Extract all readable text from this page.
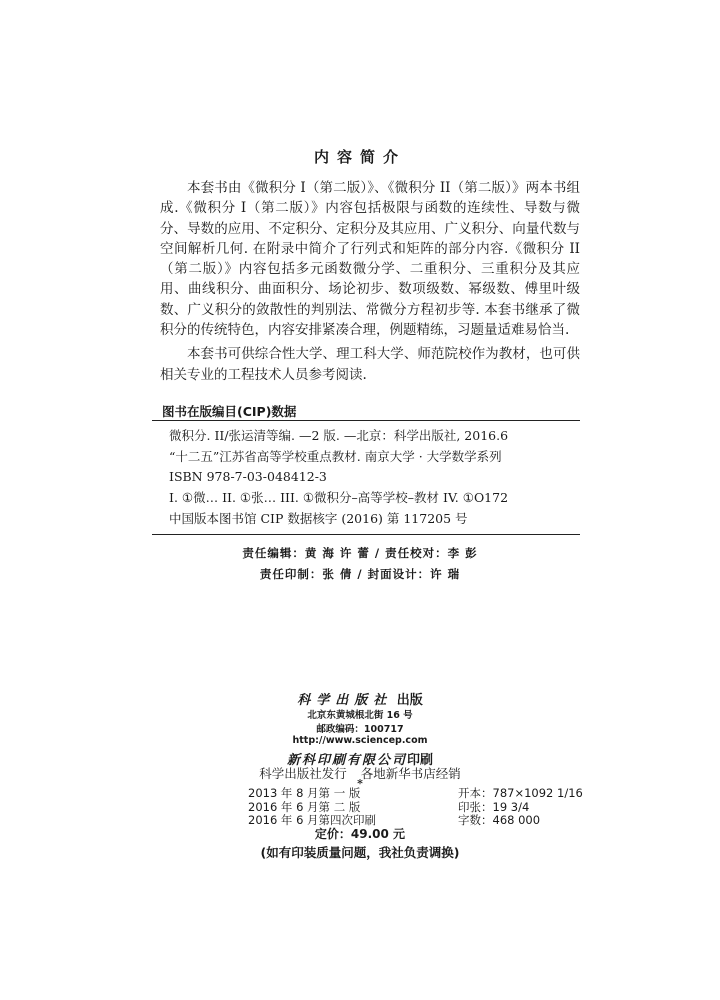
内容简介

本套书由《微积分 I（第二版）》、《微积分 II（第二版）》两本书组成.《微积分 I（第二版）》内容包括极限与函数的连续性、导数与微分、导数的应用、不定积分、定积分及其应用、广义积分、向量代数与空间解析几何. 在附录中简介了行列式和矩阵的部分内容.《微积分 II（第二版）》内容包括多元函数微分学、二重积分、三重积分及其应用、曲线积分、曲面积分、场论初步、数项级数、幂级数、傅里叶级数、广义积分的敛散性的判别法、常微分方程初步等. 本套书继承了微积分的传统特色，内容安排紧凑合理，例题精练，习题量适难易恰当.

本套书可供综合性大学、理工科大学、师范院校作为教材，也可供相关专业的工程技术人员参考阅读.

图书在版编目(CIP)数据
微积分. II/张运清等编. —2 版. —北京：科学出版社, 2016.6
“十二五”江苏省高等学校重点教材. 南京大学 · 大学数学系列
ISBN 978-7-03-048412-3
I. ①微… II. ①张… III. ①微积分–高等学校–教材 IV. ①O172
中国版本图书馆 CIP 数据核字 (2016) 第 117205 号
责任编辑：黄 海 许 蕾 / 责任校对：李 彭
责任印制：张 倩 / 封面设计：许 瑞
科学出版社 出版
北京东黄城根北街 16 号
邮政编码：100717
http://www.sciencep.com
新科印刷有限公司印刷
科学出版社发行 各地新华书店经销
*
2013 年 8 月第 一 版	开本：787×1092 1/16
2016 年 6 月第 二 版	印张：19 3/4
2016 年 6 月第四次印刷	字数：468 000
定价：49.00 元
(如有印装质量问题，我社负责调换)
